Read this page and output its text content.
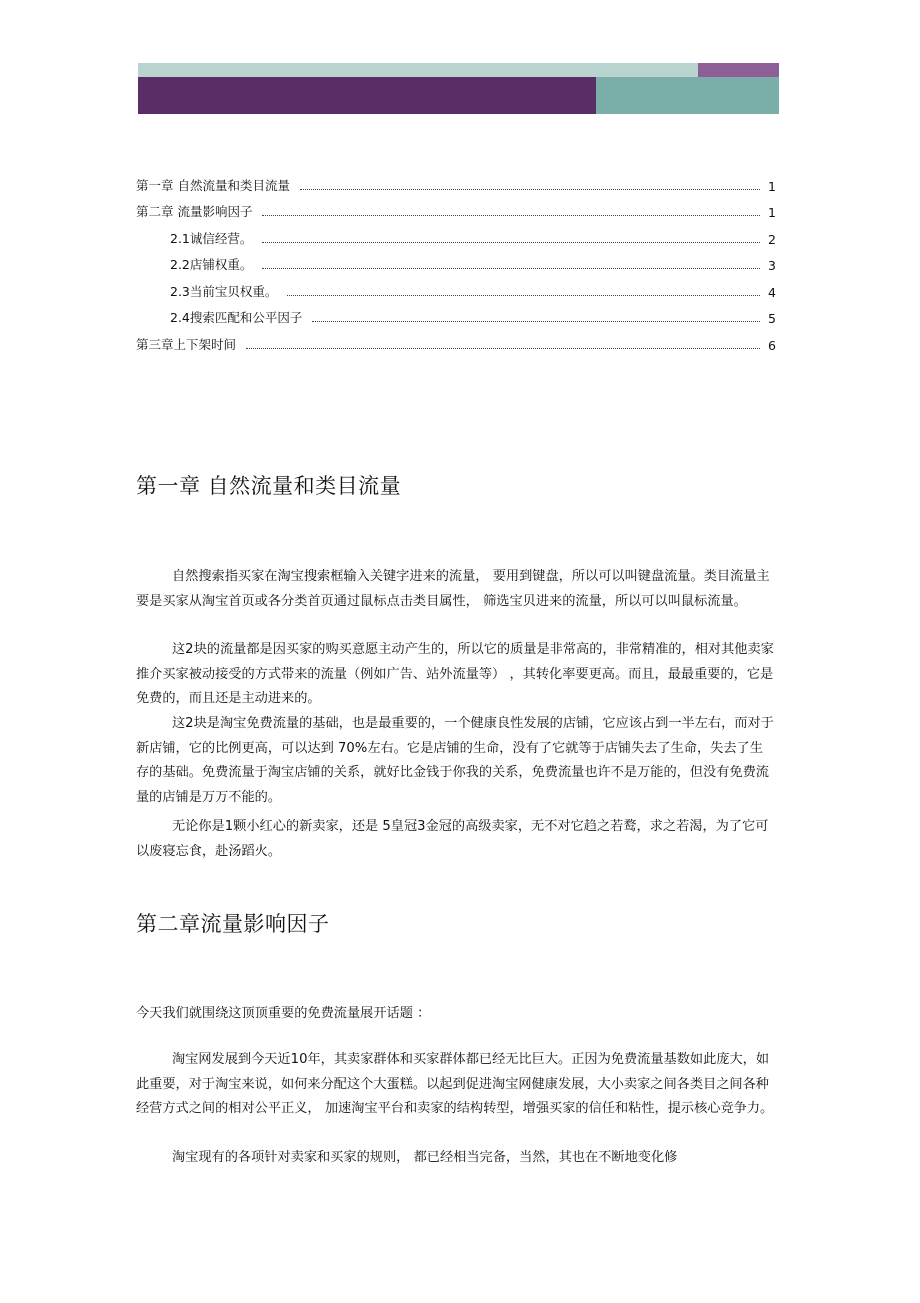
第一章 自然流量和类目流量	1
第二章 流量影响因子	1
2.1诚信经营。	2
2.2店铺权重。	3
2.3当前宝贝权重。	4
2.4搜索匹配和公平因子	5
第三章上下架时间	6
第一章 自然流量和类目流量

自然搜索指买家在淘宝搜索框输入关键字进来的流量， 要用到键盘，所以可以叫键盘流量。类目流量主要是买家从淘宝首页或各分类首页通过鼠标点击类目属性， 筛选宝贝进来的流量，所以可以叫鼠标流量。

这2块的流量都是因买家的购买意愿主动产生的，所以它的质量是非常高的，非常精准的，相对其他卖家推介买家被动接受的方式带来的流量（例如广告、站外流量等） ，其转化率要更高。而且，最最重要的，它是免费的，而且还是主动进来的。

这2块是淘宝免费流量的基础，也是最重要的，一个健康良性发展的店铺，它应该占到一半左右，而对于新店铺，它的比例更高，可以达到 70%左右。它是店铺的生命，没有了它就等于店铺失去了生命，失去了生存的基础。免费流量于淘宝店铺的关系，就好比金钱于你我的关系，免费流量也许不是万能的，但没有免费流量的店铺是万万不能的。

无论你是1颗小红心的新卖家，还是 5皇冠3金冠的高级卖家，无不对它趋之若鹜，求之若渴，为了它可以废寝忘食，赴汤蹈火。

第二章流量影响因子

今天我们就围绕这顶顶重要的免费流量展开话题 ：

淘宝网发展到今天近10年，其卖家群体和买家群体都已经无比巨大。正因为免费流量基数如此庞大，如此重要，对于淘宝来说，如何来分配这个大蛋糕。以起到促进淘宝网健康发展，大小卖家之间各类目之间各种经营方式之间的相对公平正义， 加速淘宝平台和卖家的结构转型，增强买家的信任和粘性，提示核心竞争力。

淘宝现有的各项针对卖家和买家的规则， 都已经相当完备，当然，其也在不断地变化修
